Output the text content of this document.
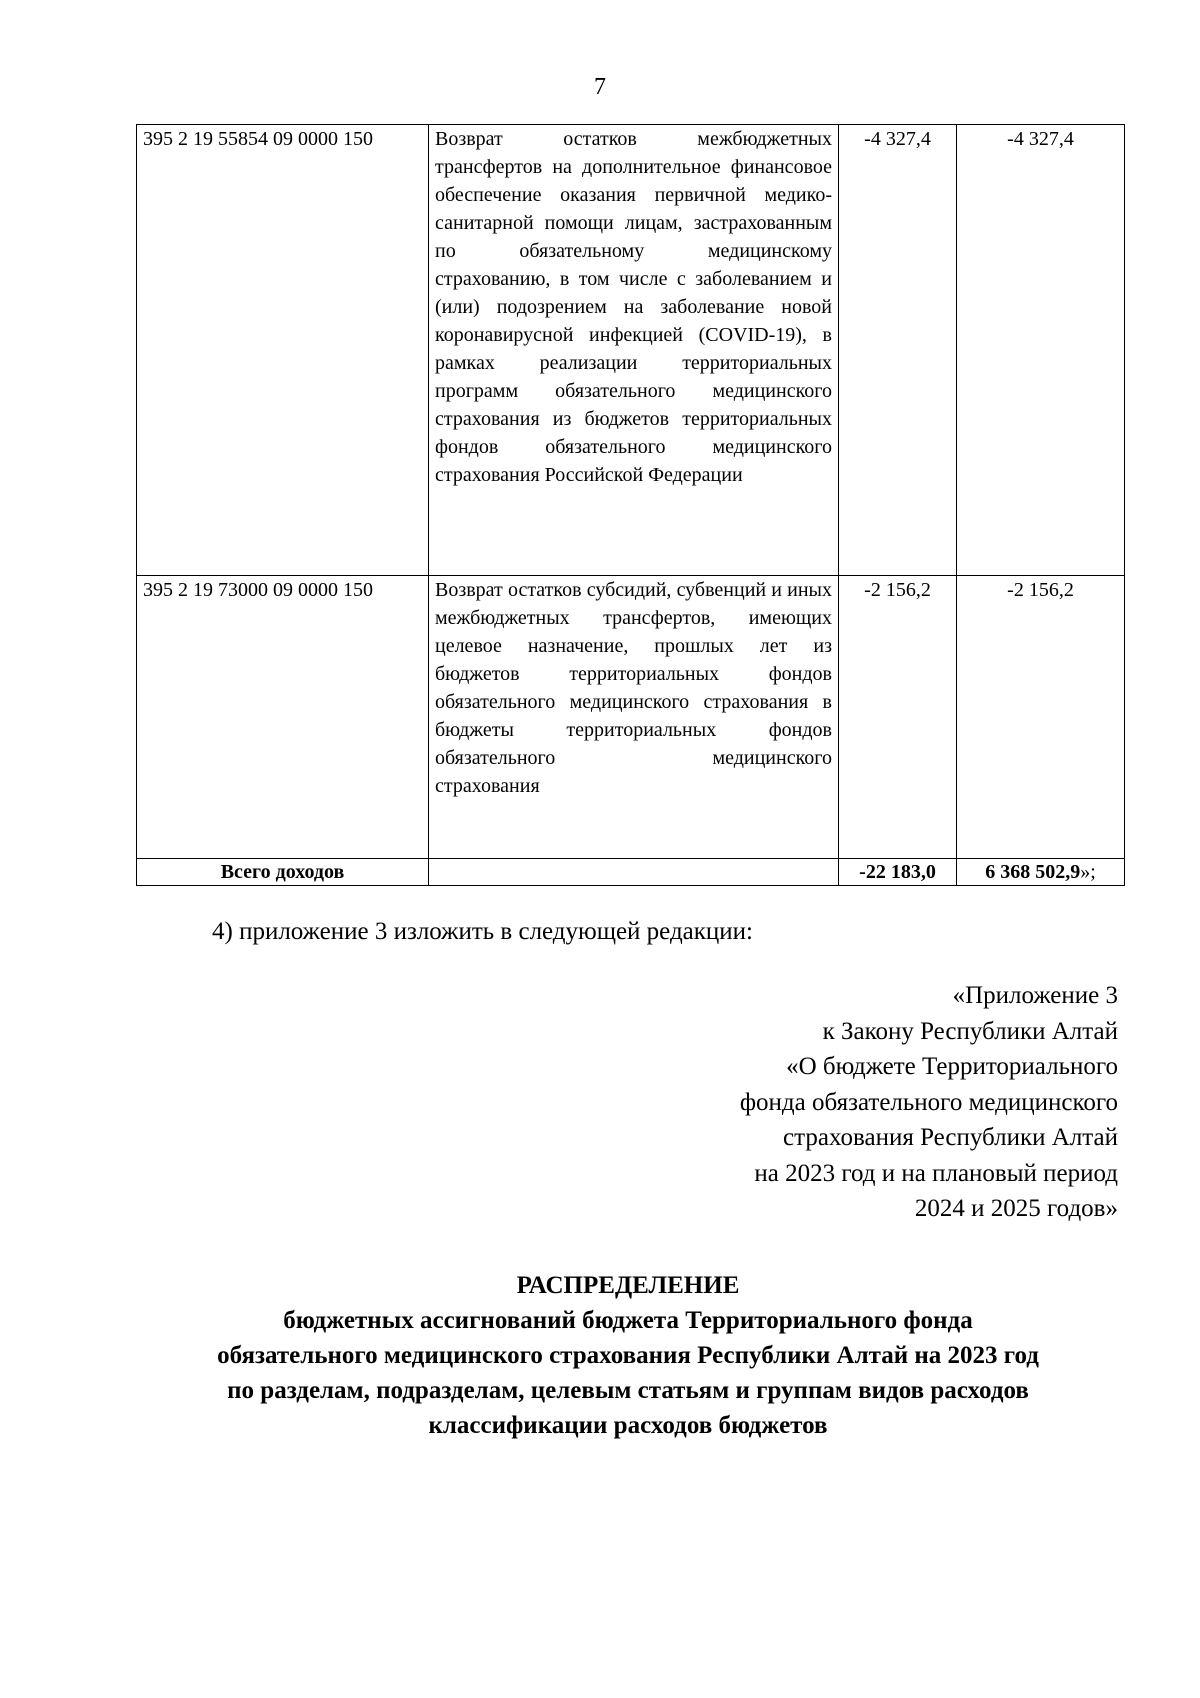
7
395 2 19 55854 09 0000 150	Возврат остатков межбюджетных трансфертов на дополнительное финансовое обеспечение оказания первичной медико-санитарной помощи лицам, застрахованным по обязательному медицинскому страхованию, в том числе с заболеванием и (или) подозрением на заболевание новой коронавирусной инфекцией (COVID-19), в рамках реализации территориальных программ обязательного медицинского страхования из бюджетов территориальных фондов обязательного медицинского
страхования Российской Федерации	-4 327,4	-4 327,4
395 2 19 73000 09 0000 150	Возврат остатков субсидий, субвенций и иных межбюджетных трансфертов, имеющих целевое назначение, прошлых лет из бюджетов территориальных фондов обязательного медицинского страхования в бюджеты территориальных фондов обязательного медицинского
страхования	-2 156,2	-2 156,2
Всего доходов		-22 183,0	6 368 502,9»;
4) приложение 3 изложить в следующей редакции:
«Приложение 3
к Закону Республики Алтай
«О бюджете Территориального
фонда обязательного медицинского
страхования Республики Алтай
на 2023 год и на плановый период
2024 и 2025 годов»
РАСПРЕДЕЛЕНИЕ
бюджетных ассигнований бюджета Территориального фонда
обязательного медицинского страхования Республики Алтай на 2023 год
по разделам, подразделам, целевым статьям и группам видов расходов
классификации расходов бюджетов
